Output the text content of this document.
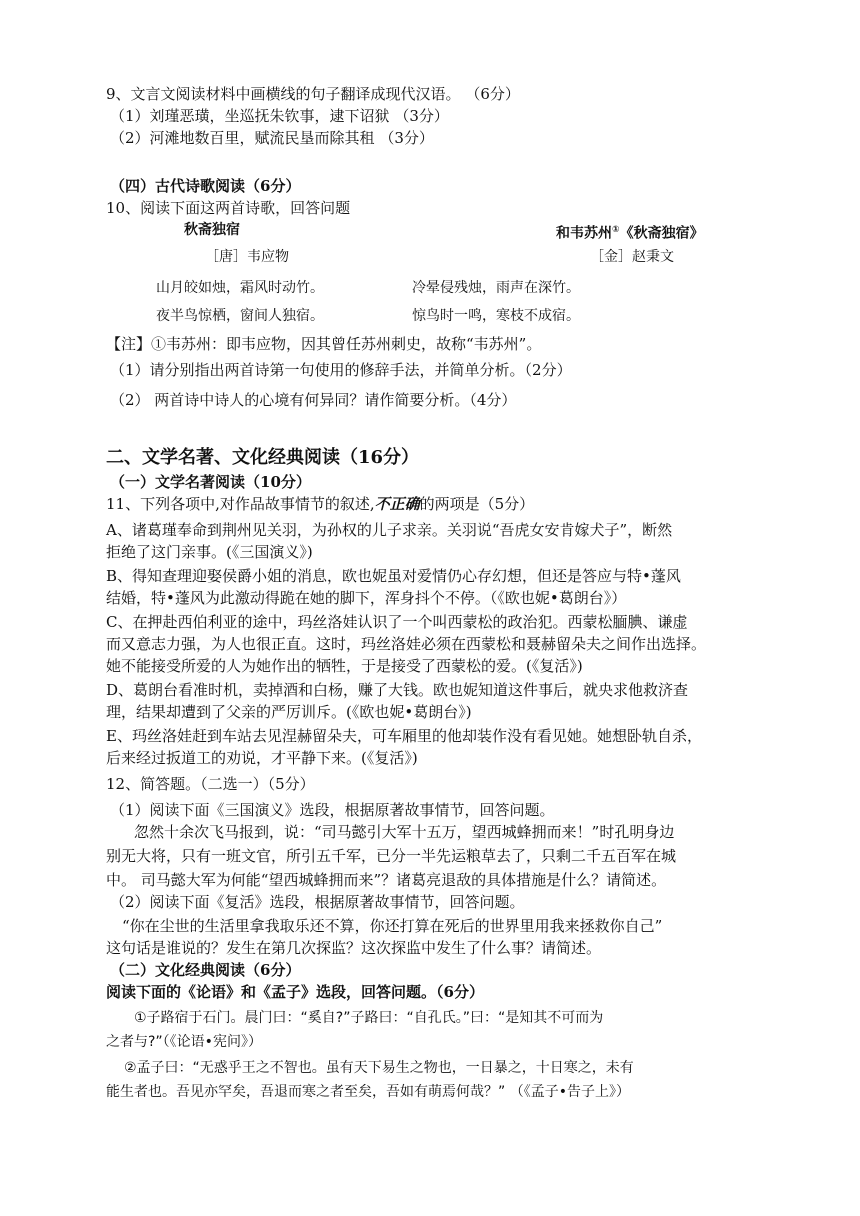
9、文言文阅读材料中画横线的句子翻译成现代汉语。 （6分）
（1）刘瑾恶璜，坐巡抚朱钦事，逮下诏狱 （3分）
（2）河滩地数百里，赋流民垦而除其租 （3分）
（四）古代诗歌阅读（6分）
10、阅读下面这两首诗歌，回答问题
秋斋独宿
［唐］韦应物
山月皎如烛，霜风时动竹。
夜半鸟惊栖，窗间人独宿。
和韦苏州①《秋斋独宿》
［金］赵秉文
冷晕侵残烛，雨声在深竹。
惊鸟时一鸣，寒枝不成宿。
【注】①韦苏州：即韦应物，因其曾任苏州刺史，故称“韦苏州”。
（1）请分别指出两首诗第一句使用的修辞手法，并简单分析。（2分）
（2） 两首诗中诗人的心境有何异同？请作简要分析。（4分）
二、文学名著、文化经典阅读（16分）
（一）文学名著阅读（10分）
11、下列各项中,对作品故事情节的叙述,不正确的两项是（5分）
A、诸葛瑾奉命到荆州见关羽，为孙权的儿子求亲。关羽说“吾虎女安肯嫁犬子”，断然
拒绝了这门亲事。(《三国演义》)
B、得知查理迎娶侯爵小姐的消息，欧也妮虽对爱情仍心存幻想，但还是答应与特•蓬风
结婚，特•蓬风为此激动得跪在她的脚下，浑身抖个不停。（《欧也妮•葛朗台》）
C、在押赴西伯利亚的途中，玛丝洛娃认识了一个叫西蒙松的政治犯。西蒙松腼腆、谦虚
而又意志力强，为人也很正直。这时，玛丝洛娃必须在西蒙松和聂赫留朵夫之间作出选择。
她不能接受所爱的人为她作出的牺牲，于是接受了西蒙松的爱。(《复活》)
D、葛朗台看准时机，卖掉酒和白杨，赚了大钱。欧也妮知道这件事后，就央求他救济查
理，结果却遭到了父亲的严厉训斥。(《欧也妮•葛朗台》)
E、玛丝洛娃赶到车站去见涅赫留朵夫，可车厢里的他却装作没有看见她。她想卧轨自杀，
后来经过扳道工的劝说，才平静下来。(《复活》)
12、简答题。（二选一）（5分）
（1）阅读下面《三国演义》选段，根据原著故事情节，回答问题。
忽然十余次飞马报到，说：“司马懿引大军十五万，望西城蜂拥而来！”时孔明身边
别无大将，只有一班文官，所引五千军，已分一半先运粮草去了，只剩二千五百军在城
中。 司马懿大军为何能“望西城蜂拥而来”？诸葛亮退敌的具体措施是什么？请简述。
（2）阅读下面《复活》选段，根据原著故事情节，回答问题。
“你在尘世的生活里拿我取乐还不算，你还打算在死后的世界里用我来拯救你自己”
这句话是谁说的？发生在第几次探监？这次探监中发生了什么事？请简述。
（二）文化经典阅读（6分）
阅读下面的《论语》和《孟子》选段，回答问题。（6分）
①子路宿于石门。晨门曰：“奚自?”子路曰：“自孔氏。”曰：“是知其不可而为
之者与?”（《论语•宪问》）
②孟子曰：“无惑乎王之不智也。虽有天下易生之物也，一日暴之，十日寒之，未有
能生者也。吾见亦罕矣，吾退而寒之者至矣，吾如有萌焉何哉？” （《孟子•告子上》）
